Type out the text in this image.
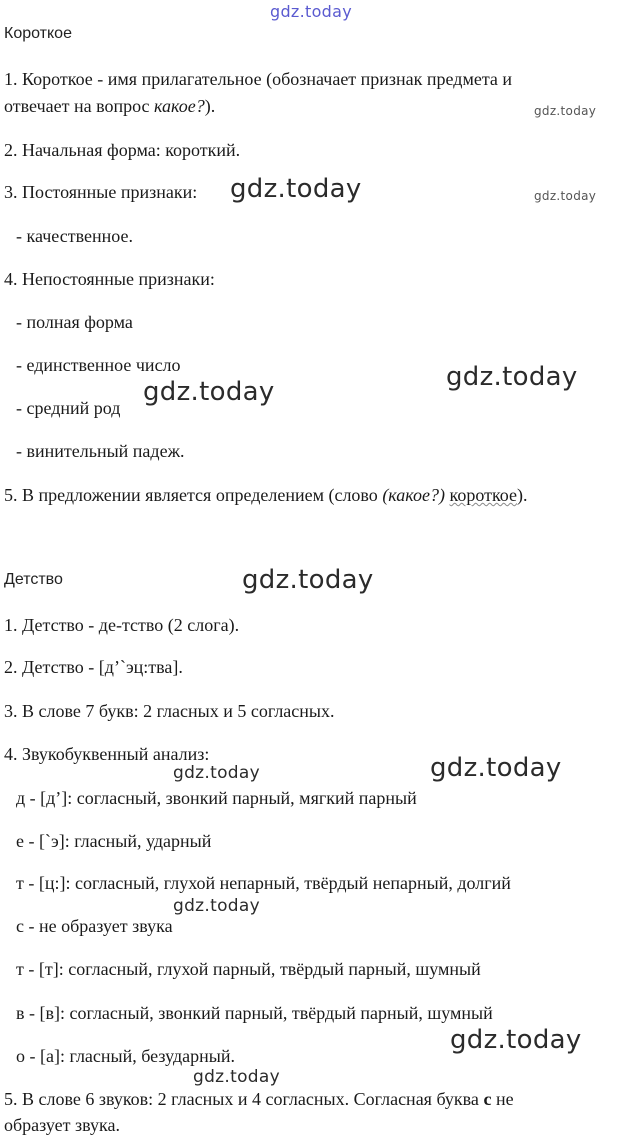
gdz.today
gdz.today
gdz.today
gdz.today
gdz.today
gdz.today
gdz.today
gdz.today	gdz.today
gdz.today
gdz.today
gdz.today
Короткое
1. Короткое - имя прилагательное (обозначает признак предмета и
отвечает на вопрос какое?).
2. Начальная форма: короткий.
3. Постоянные признаки:
- качественное.
4. Непостоянные признаки:
- полная форма
- единственное число
- средний род
- винительный падеж.
5. В предложении является определением (слово (какое?) короткое).
Детство
1. Детство - де-тство (2 слога).
2. Детство - [д’`эц:тва].
3. В слове 7 букв: 2 гласных и 5 согласных.
4. Звукобуквенный анализ:
д - [д’]: согласный, звонкий парный, мягкий парный
е - [`э]: гласный, ударный
т - [ц:]: согласный, глухой непарный, твёрдый непарный, долгий
с - не образует звука
т - [т]: согласный, глухой парный, твёрдый парный, шумный
в - [в]: согласный, звонкий парный, твёрдый парный, шумный
о - [а]: гласный, безударный.
5. В слове 6 звуков: 2 гласных и 4 согласных. Согласная буква с не
образует звука.
